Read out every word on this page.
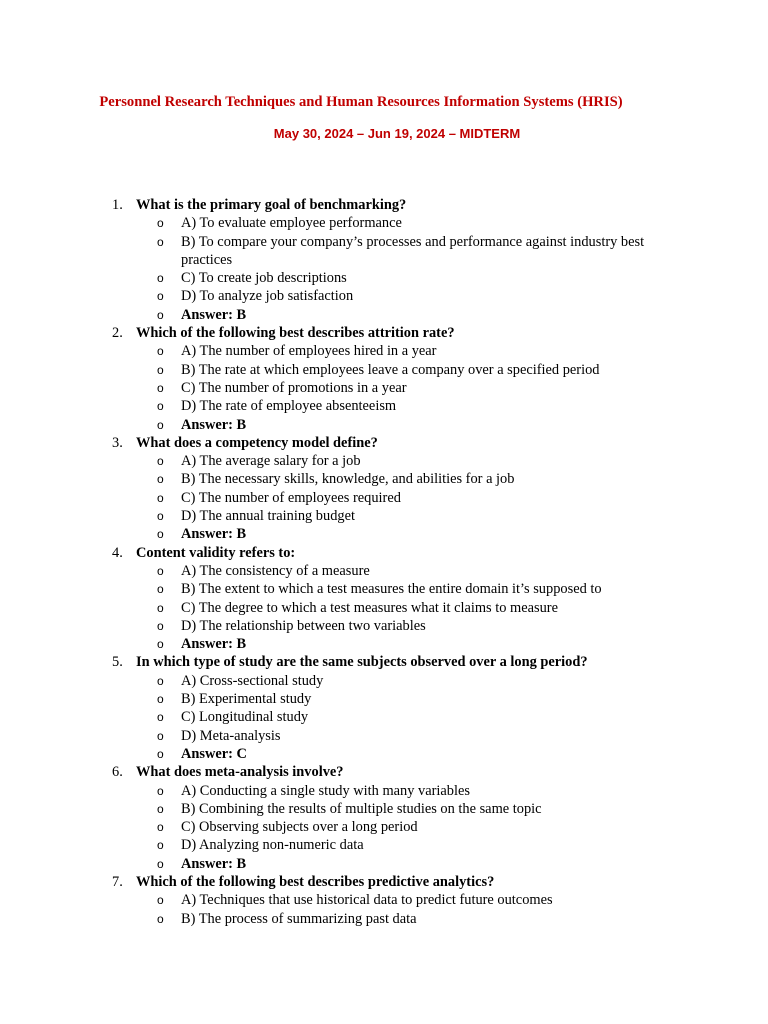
Personnel Research Techniques and Human Resources Information Systems (HRIS)
May 30, 2024 – Jun 19, 2024 – MIDTERM
1. What is the primary goal of benchmarking?
o A) To evaluate employee performance
o B) To compare your company’s processes and performance against industry best practices
o C) To create job descriptions
o D) To analyze job satisfaction
o Answer: B
2. Which of the following best describes attrition rate?
o A) The number of employees hired in a year
o B) The rate at which employees leave a company over a specified period
o C) The number of promotions in a year
o D) The rate of employee absenteeism
o Answer: B
3. What does a competency model define?
o A) The average salary for a job
o B) The necessary skills, knowledge, and abilities for a job
o C) The number of employees required
o D) The annual training budget
o Answer: B
4. Content validity refers to:
o A) The consistency of a measure
o B) The extent to which a test measures the entire domain it’s supposed to
o C) The degree to which a test measures what it claims to measure
o D) The relationship between two variables
o Answer: B
5. In which type of study are the same subjects observed over a long period?
o A) Cross-sectional study
o B) Experimental study
o C) Longitudinal study
o D) Meta-analysis
o Answer: C
6. What does meta-analysis involve?
o A) Conducting a single study with many variables
o B) Combining the results of multiple studies on the same topic
o C) Observing subjects over a long period
o D) Analyzing non-numeric data
o Answer: B
7. Which of the following best describes predictive analytics?
o A) Techniques that use historical data to predict future outcomes
o B) The process of summarizing past data
